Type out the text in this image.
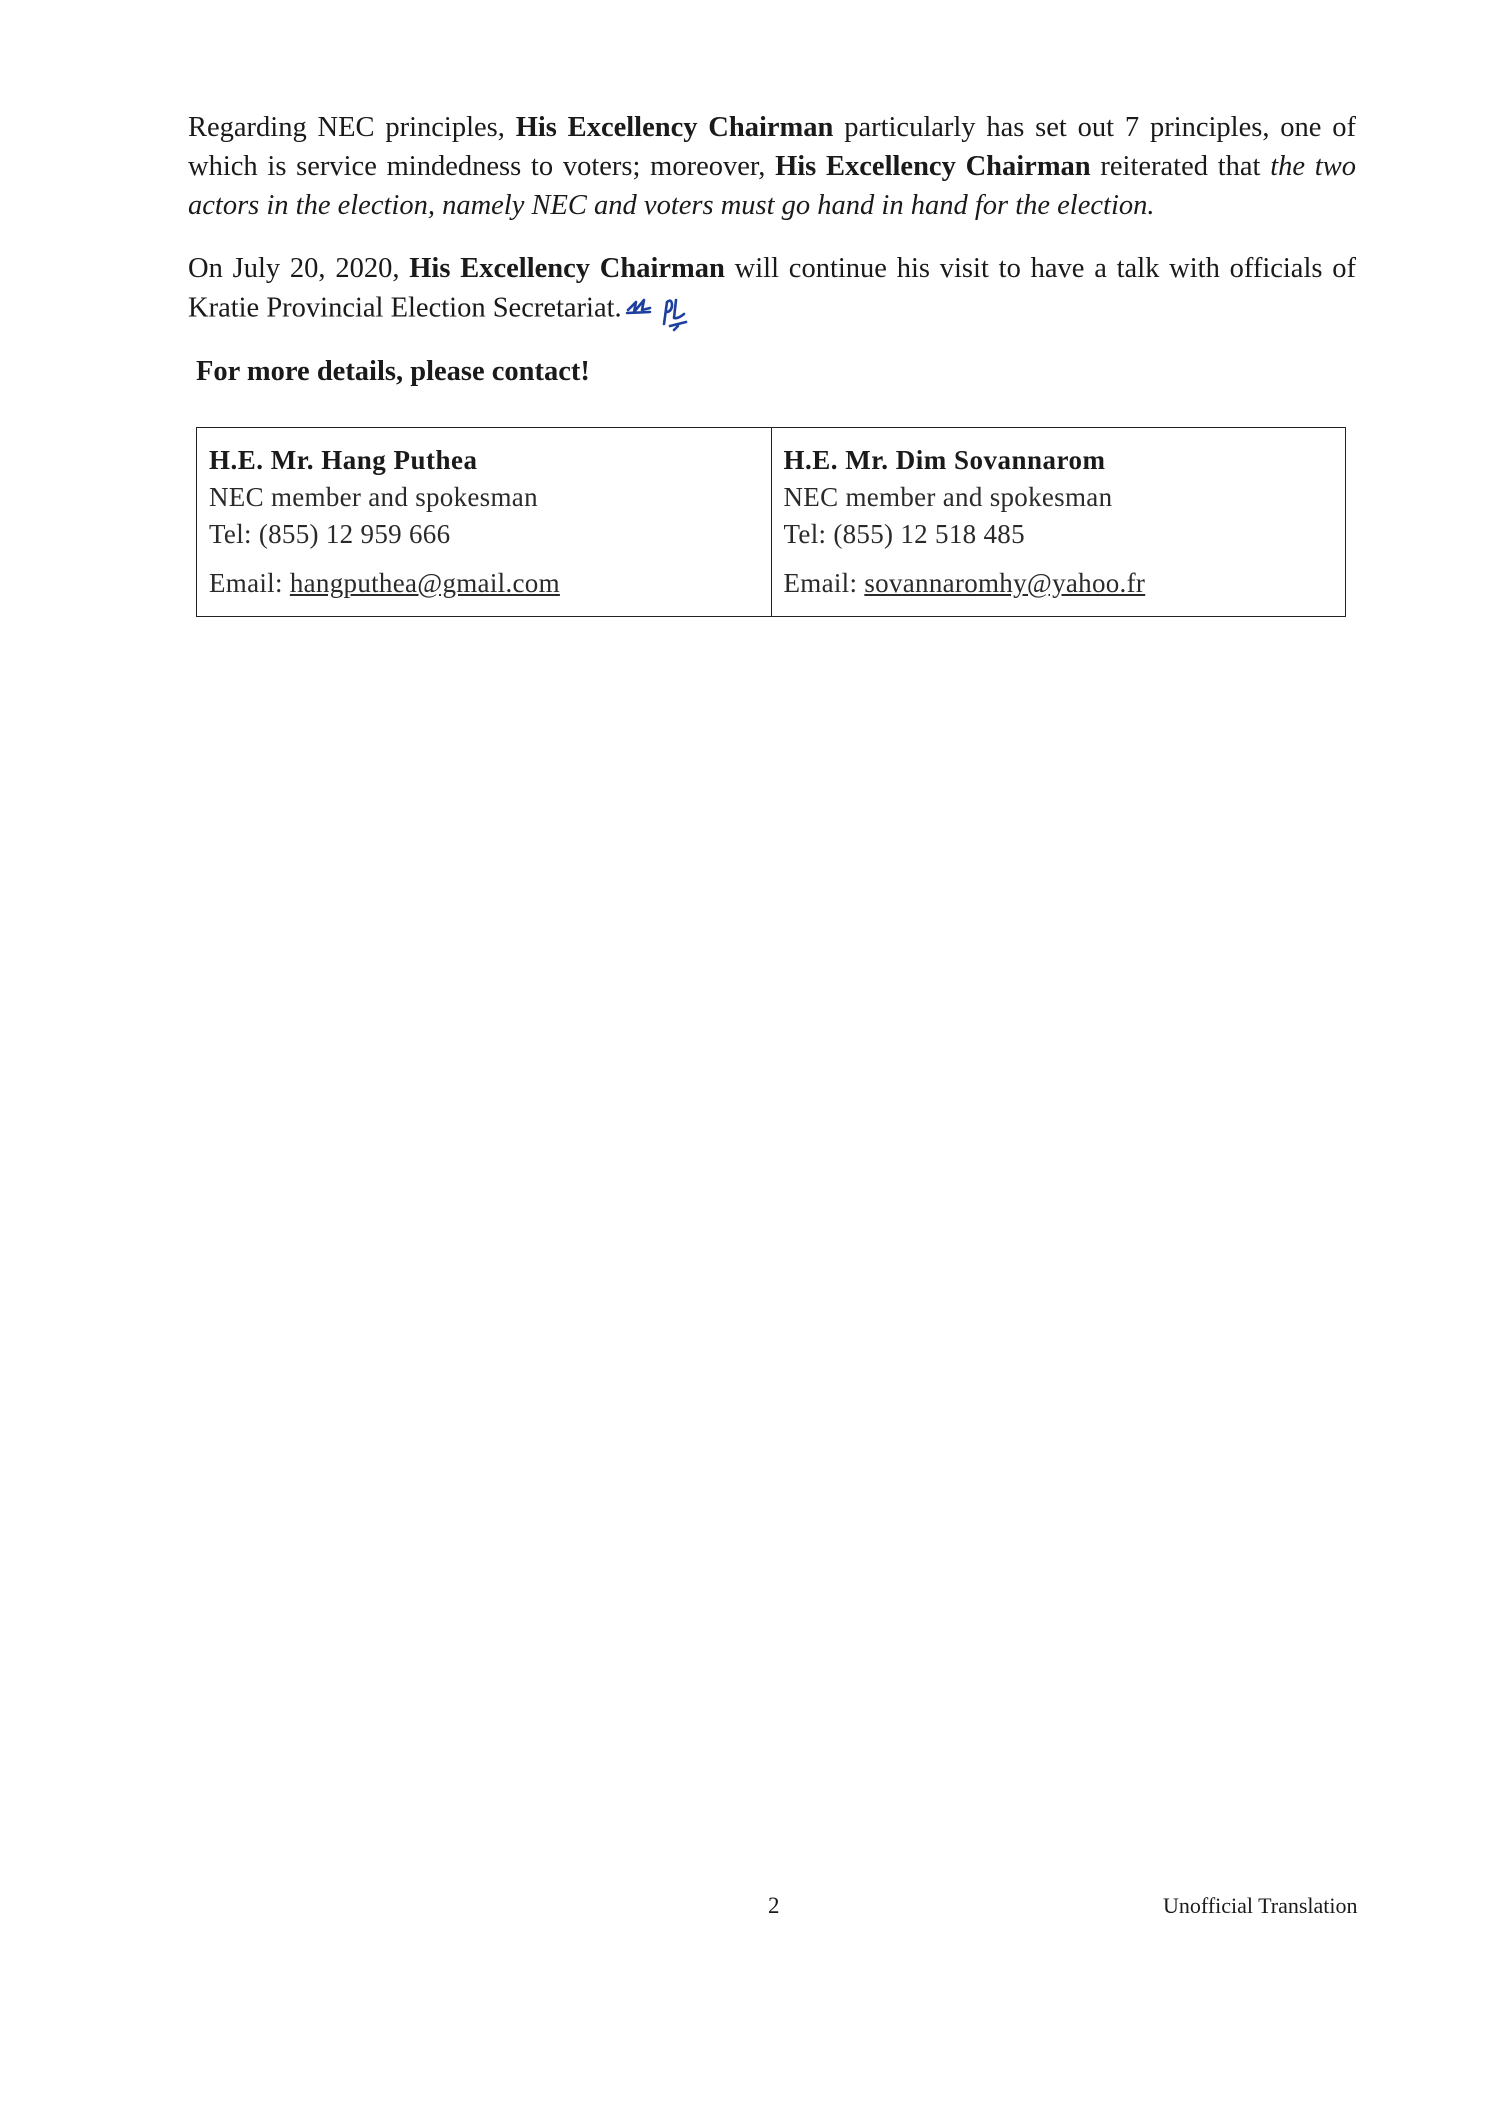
Regarding NEC principles, His Excellency Chairman particularly has set out 7 principles, one of which is service mindedness to voters; moreover, His Excellency Chairman reiterated that the two actors in the election, namely NEC and voters must go hand in hand for the election.

On July 20, 2020, His Excellency Chairman will continue his visit to have a talk with officials of Kratie Provincial Election Secretariat.

For more details, please contact!

H.E. Mr. Hang Puthea
NEC member and spokesman
Tel: (855) 12 959 666
Email: hangputhea@gmail.com
H.E. Mr. Dim Sovannarom
NEC member and spokesman
Tel: (855) 12 518 485
Email: sovannaromhy@yahoo.fr
2	Unofficial Translation
